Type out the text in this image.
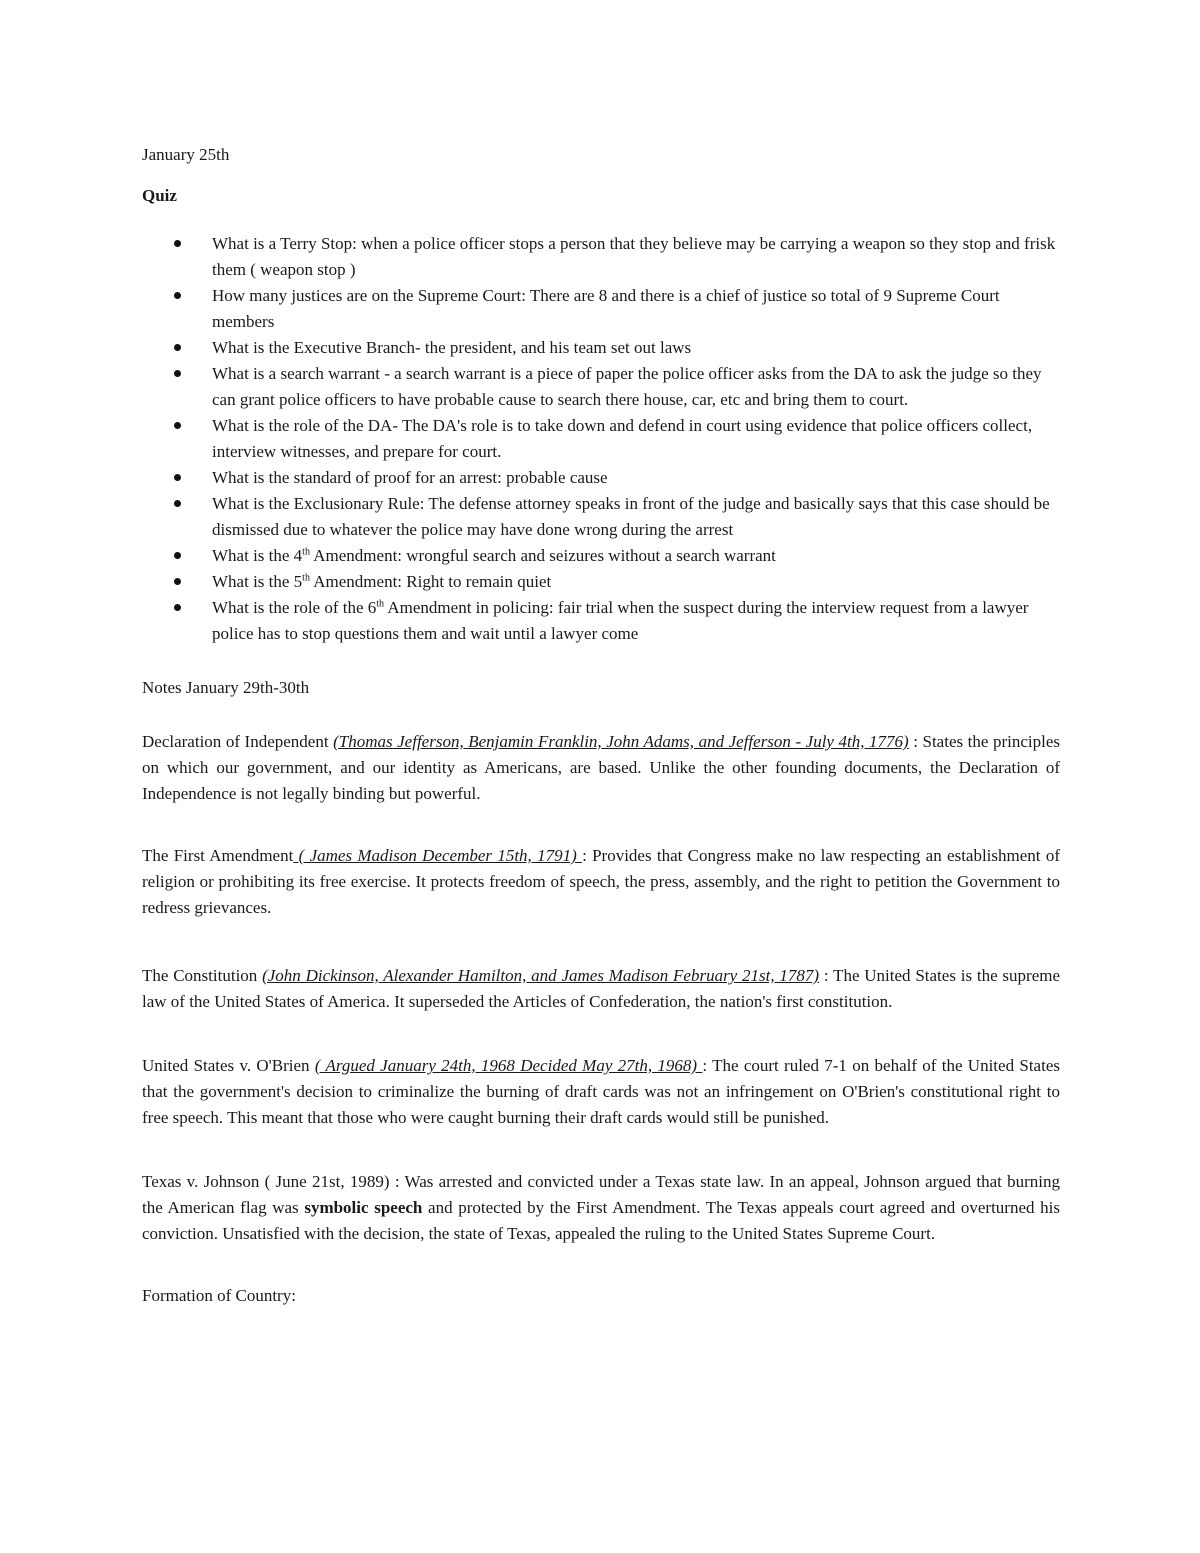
January 25th

Quiz

What is a Terry Stop: when a police officer stops a person that they believe may be carrying a weapon so they stop and frisk them ( weapon stop )
How many justices are on the Supreme Court: There are 8 and there is a chief of justice so total of 9 Supreme Court members
What is the Executive Branch- the president, and his team set out laws
What is a search warrant - a search warrant is a piece of paper the police officer asks from the DA to ask the judge so they can grant police officers to have probable cause to search there house, car, etc and bring them to court.
What is the role of the DA- The DA's role is to take down and defend in court using evidence that police officers collect, interview witnesses, and prepare for court.
What is the standard of proof for an arrest: probable cause
What is the Exclusionary Rule: The defense attorney speaks in front of the judge and basically says that this case should be dismissed due to whatever the police may have done wrong during the arrest
What is the 4th Amendment: wrongful search and seizures without a search warrant
What is the 5th Amendment: Right to remain quiet
What is the role of the 6th Amendment in policing: fair trial when the suspect during the interview request from a lawyer police has to stop questions them and wait until a lawyer come

Notes January 29th-30th

Declaration of Independent (Thomas Jefferson, Benjamin Franklin, John Adams, and Jefferson - July 4th, 1776) : States the principles on which our government, and our identity as Americans, are based. Unlike the other founding documents, the Declaration of Independence is not legally binding but powerful.

The First Amendment ( James Madison December 15th, 1791) : Provides that Congress make no law respecting an establishment of religion or prohibiting its free exercise. It protects freedom of speech, the press, assembly, and the right to petition the Government to redress grievances.

The Constitution (John Dickinson, Alexander Hamilton, and James Madison February 21st, 1787) : The United States is the supreme law of the United States of America. It superseded the Articles of Confederation, the nation's first constitution.

United States v. O'Brien ( Argued January 24th, 1968 Decided May 27th, 1968) : The court ruled 7-1 on behalf of the United States that the government's decision to criminalize the burning of draft cards was not an infringement on O'Brien's constitutional right to free speech. This meant that those who were caught burning their draft cards would still be punished.

Texas v. Johnson ( June 21st, 1989) : Was arrested and convicted under a Texas state law. In an appeal, Johnson argued that burning the American flag was symbolic speech and protected by the First Amendment. The Texas appeals court agreed and overturned his conviction. Unsatisfied with the decision, the state of Texas, appealed the ruling to the United States Supreme Court.

Formation of Country:
